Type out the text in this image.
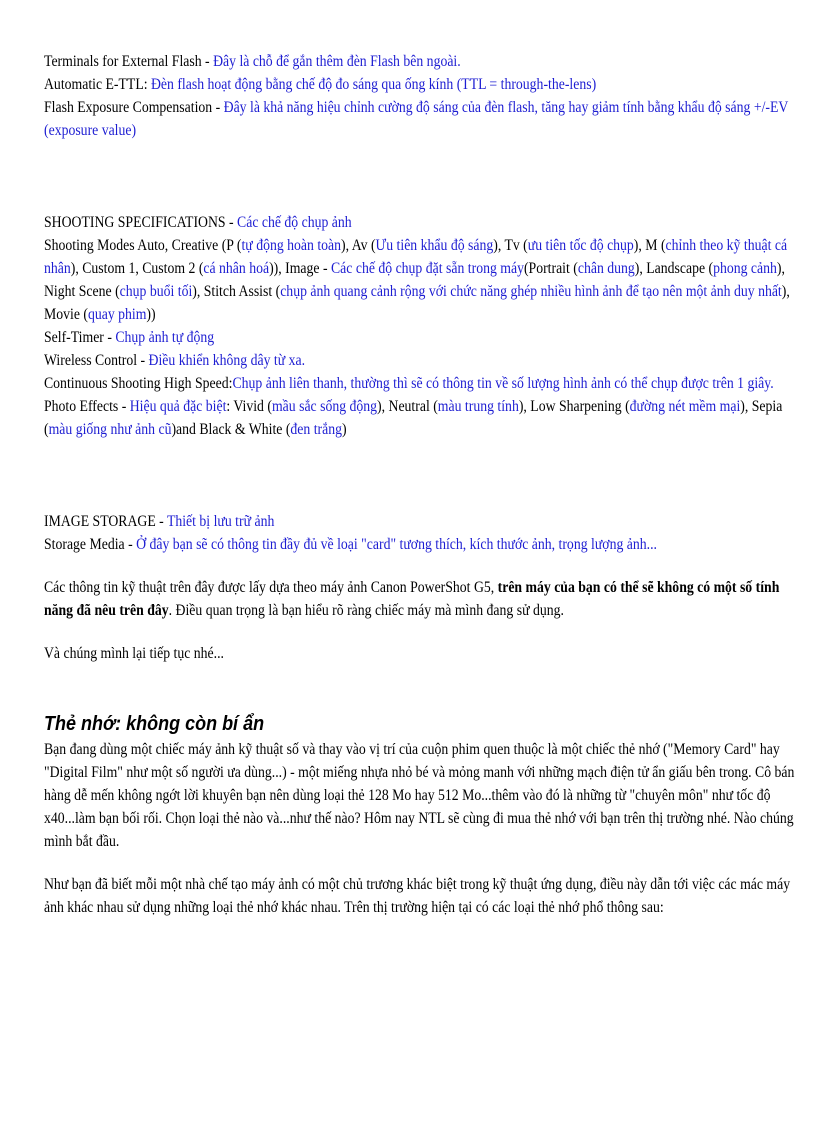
Terminals for External Flash - Đây là chỗ để gắn thêm đèn Flash bên ngoài.

Automatic E-TTL: Đèn flash hoạt động bằng chế độ đo sáng qua ống kính (TTL = through-the-lens)

Flash Exposure Compensation - Đây là khả năng hiệu chỉnh cường độ sáng của đèn flash, tăng hay giảm tính bằng khẩu độ sáng +/-EV (exposure value)

SHOOTING SPECIFICATIONS - Các chế độ chụp ảnh

Shooting Modes Auto, Creative (P (tự động hoàn toàn), Av (Ưu tiên khẩu độ sáng), Tv (ưu tiên tốc độ chụp), M (chỉnh theo kỹ thuật cá nhân), Custom 1, Custom 2 (cá nhân hoá)), Image - Các chế độ chụp đặt sẵn trong máy(Portrait (chân dung), Landscape (phong cảnh), Night Scene (chụp buổi tối), Stitch Assist (chụp ảnh quang cảnh rộng với chức năng ghép nhiều hình ảnh để tạo nên một ảnh duy nhất), Movie (quay phim))

Self-Timer - Chụp ảnh tự động

Wireless Control - Điều khiển không dây từ xa.

Continuous Shooting High Speed:Chụp ảnh liên thanh, thường thì sẽ có thông tin về số lượng hình ảnh có thể chụp được trên 1 giây.

Photo Effects - Hiệu quả đặc biệt: Vivid (mầu sắc sống động), Neutral (màu trung tính), Low Sharpening (đường nét mềm mại), Sepia (màu giống như ảnh cũ)and Black & White (đen trắng)

IMAGE STORAGE - Thiết bị lưu trữ ảnh

Storage Media - Ở đây bạn sẽ có thông tin đầy đủ về loại "card" tương thích, kích thước ảnh, trọng lượng ảnh...

Các thông tin kỹ thuật trên đây được lấy dựa theo máy ảnh Canon PowerShot G5, trên máy của bạn có thể sẽ không có một số tính năng đã nêu trên đây. Điều quan trọng là bạn hiểu rõ ràng chiếc máy mà mình đang sử dụng.

Và chúng mình lại tiếp tục nhé...

Thẻ nhớ: không còn bí ẩn

Bạn đang dùng một chiếc máy ảnh kỹ thuật số và thay vào vị trí của cuộn phim quen thuộc là một chiếc thẻ nhớ ("Memory Card" hay "Digital Film" như một số người ưa dùng...) - một miếng nhựa nhỏ bé và mỏng manh với những mạch điện tử ẩn giấu bên trong. Cô bán hàng dễ mến không ngớt lời khuyên bạn nên dùng loại thẻ 128 Mo hay 512 Mo...thêm vào đó là những từ "chuyên môn" như tốc độ x40...làm bạn bối rối. Chọn loại thẻ nào và...như thế nào? Hôm nay NTL sẽ cùng đi mua thẻ nhớ với bạn trên thị trường nhé. Nào chúng mình bắt đầu.

Như bạn đã biết mỗi một nhà chế tạo máy ảnh có một chủ trương khác biệt trong kỹ thuật ứng dụng, điều này dẫn tới việc các mác máy ảnh khác nhau sử dụng những loại thẻ nhớ khác nhau. Trên thị trường hiện tại có các loại thẻ nhớ phổ thông sau:
